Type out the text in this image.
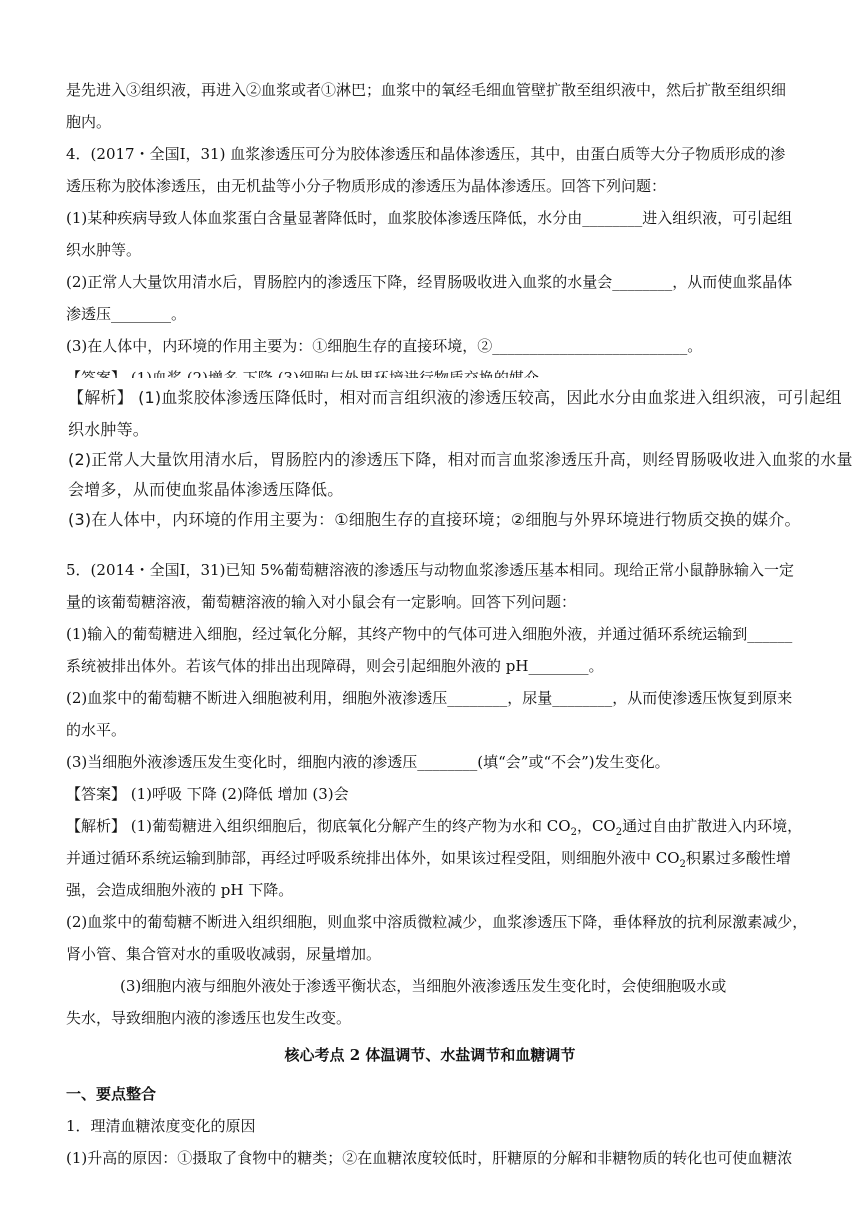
是先进入③组织液，再进入②血浆或者①淋巴；血浆中的氧经毛细血管壁扩散至组织液中，然后扩散至组织细
胞内。
4．(2017・全国Ⅰ，31) 血浆渗透压可分为胶体渗透压和晶体渗透压，其中，由蛋白质等大分子物质形成的渗
透压称为胶体渗透压，由无机盐等小分子物质形成的渗透压为晶体渗透压。回答下列问题：
(1)某种疾病导致人体血浆蛋白含量显著降低时，血浆胶体渗透压降低，水分由________进入组织液，可引起组
织水肿等。
(2)正常人大量饮用清水后，胃肠腔内的渗透压下降，经胃肠吸收进入血浆的水量会________，从而使血浆晶体
渗透压________。
(3)在人体中，内环境的作用主要为：①细胞生存的直接环境，②__________________________。
【解析】 (1)血浆胶体渗透压降低时，相对而言组织液的渗透压较高，因此水分由血浆进入组织液，可引起组
织水肿等。
(2)正常人大量饮用清水后，胃肠腔内的渗透压下降，相对而言血浆渗透压升高，则经胃肠吸收进入血浆的水量
会增多，从而使血浆晶体渗透压降低。
(3)在人体中，内环境的作用主要为：①细胞生存的直接环境；②细胞与外界环境进行物质交换的媒介。
5．(2014・全国Ⅰ，31)已知 5%葡萄糖溶液的渗透压与动物血浆渗透压基本相同。现给正常小鼠静脉输入一定
量的该葡萄糖溶液，葡萄糖溶液的输入对小鼠会有一定影响。回答下列问题：
(1)输入的葡萄糖进入细胞，经过氧化分解，其终产物中的气体可进入细胞外液，并通过循环系统运输到______
系统被排出体外。若该气体的排出出现障碍，则会引起细胞外液的 pH________。
(2)血浆中的葡萄糖不断进入细胞被利用，细胞外液渗透压________，尿量________，从而使渗透压恢复到原来
的水平。
(3)当细胞外液渗透压发生变化时，细胞内液的渗透压________(填“会”或“不会”)发生变化。
【答案】 (1)呼吸 下降 (2)降低 增加 (3)会
【解析】 (1)葡萄糖进入组织细胞后，彻底氧化分解产生的终产物为水和 $CO_2$，$CO_2$通过自由扩散进入内环境，
并通过循环系统运输到肺部，再经过呼吸系统排出体外，如果该过程受阻，则细胞外液中 $CO_2$积累过多酸性增
强，会造成细胞外液的 pH 下降。
(2)血浆中的葡萄糖不断进入组织细胞，则血浆中溶质微粒减少，血浆渗透压下降，垂体释放的抗利尿激素减少，
肾小管、集合管对水的重吸收减弱，尿量增加。
(3)细胞内液与细胞外液处于渗透平衡状态，当细胞外液渗透压发生变化时，会使细胞吸水或
失水，导致细胞内液的渗透压也发生改变。
核心考点 2 体温调节、水盐调节和血糖调节
一、要点整合
1．理清血糖浓度变化的原因
(1)升高的原因：①摄取了食物中的糖类；②在血糖浓度较低时，肝糖原的分解和非糖物质的转化也可使血糖浓
